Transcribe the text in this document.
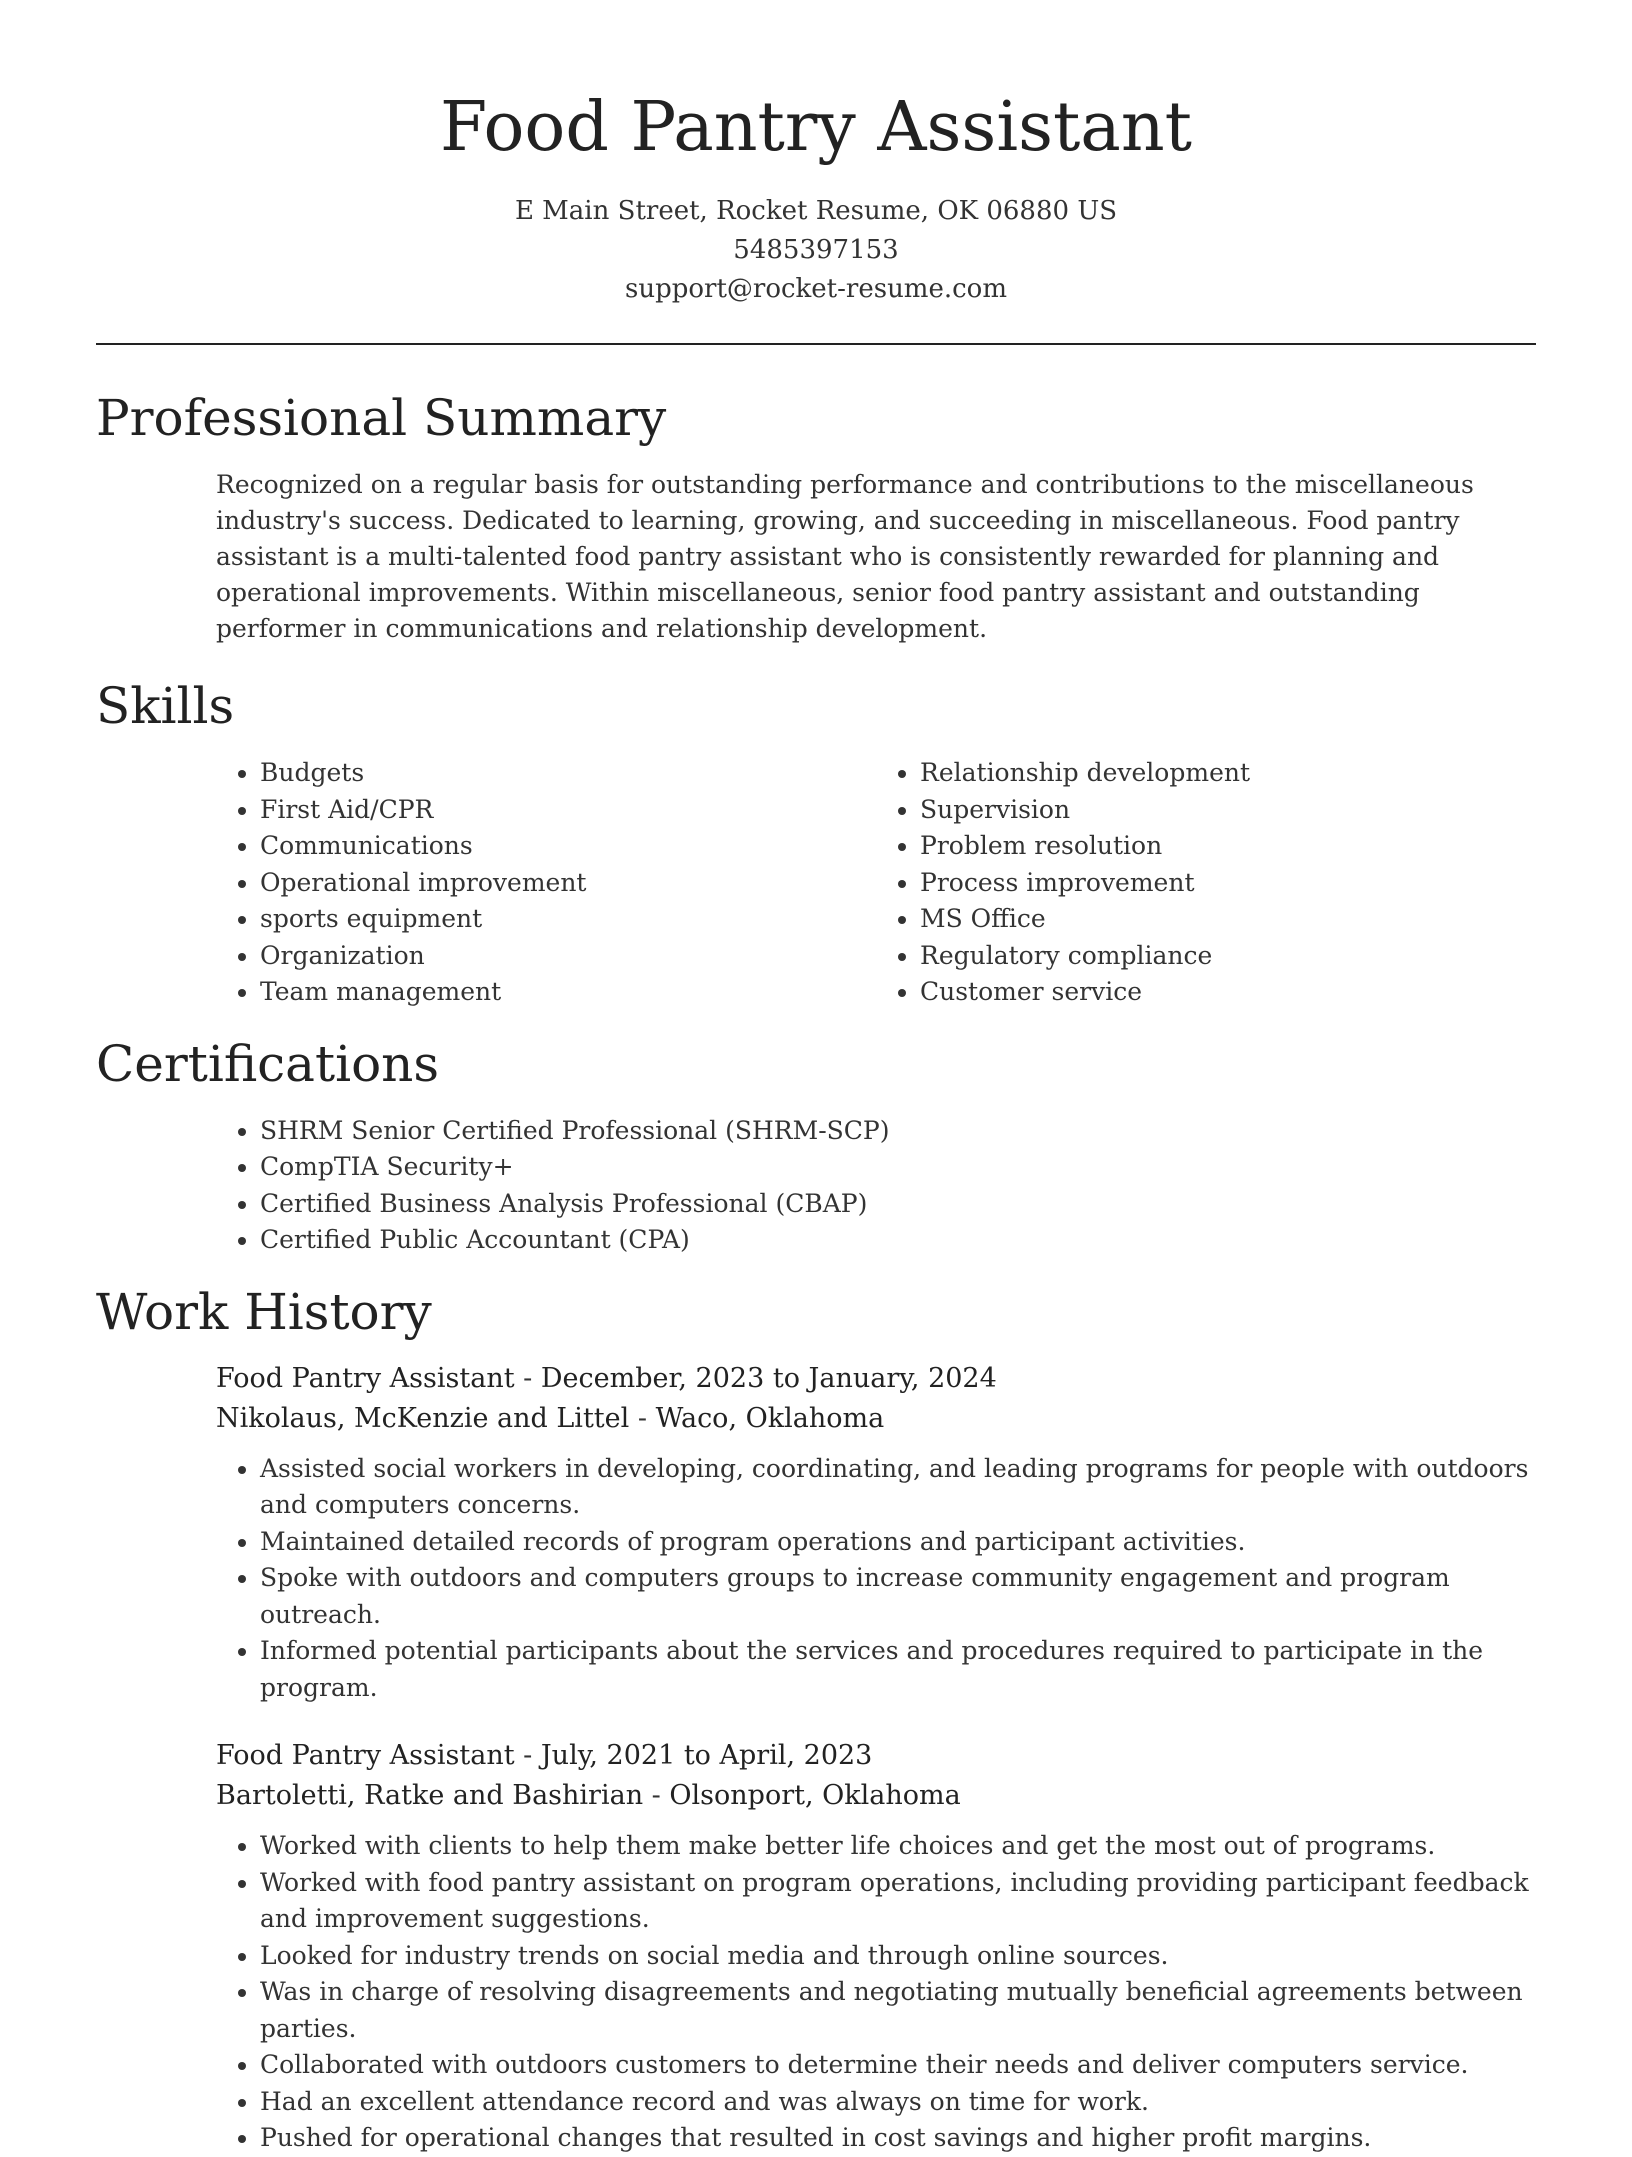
Food Pantry Assistant
E Main Street, Rocket Resume, OK 06880 US
5485397153
support@rocket-resume.com
Professional Summary

Recognized on a regular basis for outstanding performance and contributions to the miscellaneous industry's success. Dedicated to learning, growing, and succeeding in miscellaneous. Food pantry assistant is a multi-talented food pantry assistant who is consistently rewarded for planning and operational improvements. Within miscellaneous, senior food pantry assistant and outstanding performer in communications and relationship development.

Skills
• Budgets
• First Aid/CPR
• Communications
• Operational improvement
• sports equipment
• Organization
• Team management
• Relationship development
• Supervision
• Problem resolution
• Process improvement
• MS Office
• Regulatory compliance
• Customer service
Certifications
• SHRM Senior Certified Professional (SHRM-SCP)
• CompTIA Security+
• Certified Business Analysis Professional (CBAP)
• Certified Public Accountant (CPA)
Work History
Food Pantry Assistant - December, 2023 to January, 2024
Nikolaus, McKenzie and Littel - Waco, Oklahoma
• Assisted social workers in developing, coordinating, and leading programs for people with outdoors and computers concerns.
• Maintained detailed records of program operations and participant activities.
• Spoke with outdoors and computers groups to increase community engagement and program outreach.
• Informed potential participants about the services and procedures required to participate in the program.
Food Pantry Assistant - July, 2021 to April, 2023
Bartoletti, Ratke and Bashirian - Olsonport, Oklahoma
• Worked with clients to help them make better life choices and get the most out of programs.
• Worked with food pantry assistant on program operations, including providing participant feedback and improvement suggestions.
• Looked for industry trends on social media and through online sources.
• Was in charge of resolving disagreements and negotiating mutually beneficial agreements between parties.
• Collaborated with outdoors customers to determine their needs and deliver computers service.
• Had an excellent attendance record and was always on time for work.
• Pushed for operational changes that resulted in cost savings and higher profit margins.
